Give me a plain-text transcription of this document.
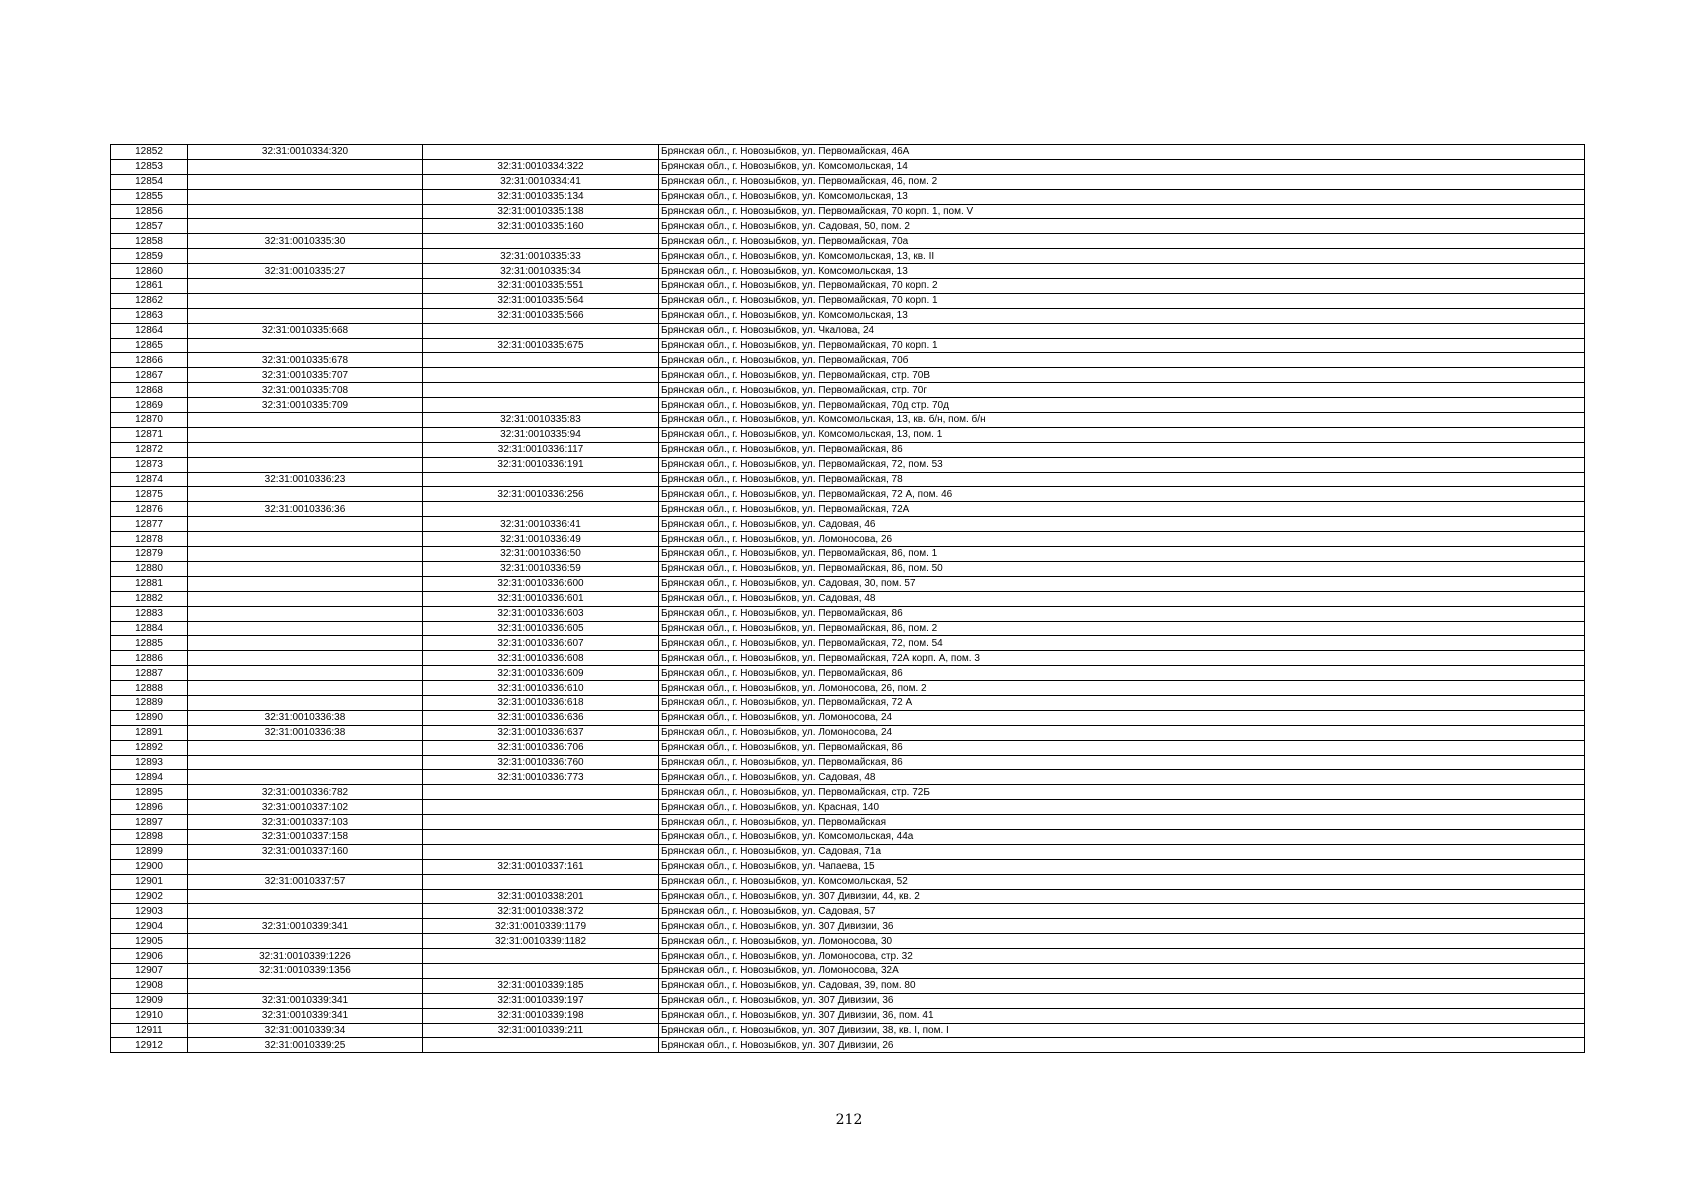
12852	32:31:0010334:320		Брянская обл., г. Новозыбков, ул. Первомайская, 46А
12853		32:31:0010334:322	Брянская обл., г. Новозыбков, ул. Комсомольская, 14
12854		32:31:0010334:41	Брянская обл., г. Новозыбков, ул. Первомайская, 46, пом. 2
12855		32:31:0010335:134	Брянская обл., г. Новозыбков, ул. Комсомольская, 13
12856		32:31:0010335:138	Брянская обл., г. Новозыбков, ул. Первомайская, 70 корп. 1, пом. V
12857		32:31:0010335:160	Брянская обл., г. Новозыбков, ул. Садовая, 50, пом. 2
12858	32:31:0010335:30		Брянская обл., г. Новозыбков, ул. Первомайская, 70а
12859		32:31:0010335:33	Брянская обл., г. Новозыбков, ул. Комсомольская, 13, кв. II
12860	32:31:0010335:27	32:31:0010335:34	Брянская обл., г. Новозыбков, ул. Комсомольская, 13
12861		32:31:0010335:551	Брянская обл., г. Новозыбков, ул. Первомайская, 70 корп. 2
12862		32:31:0010335:564	Брянская обл., г. Новозыбков, ул. Первомайская, 70 корп. 1
12863		32:31:0010335:566	Брянская обл., г. Новозыбков, ул. Комсомольская, 13
12864	32:31:0010335:668		Брянская обл., г. Новозыбков, ул. Чкалова, 24
12865		32:31:0010335:675	Брянская обл., г. Новозыбков, ул. Первомайская, 70 корп. 1
12866	32:31:0010335:678		Брянская обл., г. Новозыбков, ул. Первомайская, 70б
12867	32:31:0010335:707		Брянская обл., г. Новозыбков, ул. Первомайская, стр. 70В
12868	32:31:0010335:708		Брянская обл., г. Новозыбков, ул. Первомайская, стр. 70г
12869	32:31:0010335:709		Брянская обл., г. Новозыбков, ул. Первомайская, 70д стр. 70д
12870		32:31:0010335:83	Брянская обл., г. Новозыбков, ул. Комсомольская, 13, кв. б/н, пом. б/н
12871		32:31:0010335:94	Брянская обл., г. Новозыбков, ул. Комсомольская, 13, пом. 1
12872		32:31:0010336:117	Брянская обл., г. Новозыбков, ул. Первомайская, 86
12873		32:31:0010336:191	Брянская обл., г. Новозыбков, ул. Первомайская, 72, пом. 53
12874	32:31:0010336:23		Брянская обл., г. Новозыбков, ул. Первомайская, 78
12875		32:31:0010336:256	Брянская обл., г. Новозыбков, ул. Первомайская, 72 А, пом. 46
12876	32:31:0010336:36		Брянская обл., г. Новозыбков, ул. Первомайская, 72А
12877		32:31:0010336:41	Брянская обл., г. Новозыбков, ул. Садовая, 46
12878		32:31:0010336:49	Брянская обл., г. Новозыбков, ул. Ломоносова, 26
12879		32:31:0010336:50	Брянская обл., г. Новозыбков, ул. Первомайская, 86, пом. 1
12880		32:31:0010336:59	Брянская обл., г. Новозыбков, ул. Первомайская, 86, пом. 50
12881		32:31:0010336:600	Брянская обл., г. Новозыбков, ул. Садовая, 30, пом. 57
12882		32:31:0010336:601	Брянская обл., г. Новозыбков, ул. Садовая, 48
12883		32:31:0010336:603	Брянская обл., г. Новозыбков, ул. Первомайская, 86
12884		32:31:0010336:605	Брянская обл., г. Новозыбков, ул. Первомайская, 86, пом. 2
12885		32:31:0010336:607	Брянская обл., г. Новозыбков, ул. Первомайская, 72, пом. 54
12886		32:31:0010336:608	Брянская обл., г. Новозыбков, ул. Первомайская, 72А корп. А, пом. 3
12887		32:31:0010336:609	Брянская обл., г. Новозыбков, ул. Первомайская, 86
12888		32:31:0010336:610	Брянская обл., г. Новозыбков, ул. Ломоносова, 26, пом. 2
12889		32:31:0010336:618	Брянская обл., г. Новозыбков, ул. Первомайская, 72 А
12890	32:31:0010336:38	32:31:0010336:636	Брянская обл., г. Новозыбков, ул. Ломоносова, 24
12891	32:31:0010336:38	32:31:0010336:637	Брянская обл., г. Новозыбков, ул. Ломоносова, 24
12892		32:31:0010336:706	Брянская обл., г. Новозыбков, ул. Первомайская, 86
12893		32:31:0010336:760	Брянская обл., г. Новозыбков, ул. Первомайская, 86
12894		32:31:0010336:773	Брянская обл., г. Новозыбков, ул. Садовая, 48
12895	32:31:0010336:782		Брянская обл., г. Новозыбков, ул. Первомайская, стр. 72Б
12896	32:31:0010337:102		Брянская обл., г. Новозыбков, ул. Красная, 140
12897	32:31:0010337:103		Брянская обл., г. Новозыбков, ул. Первомайская
12898	32:31:0010337:158		Брянская обл., г. Новозыбков, ул. Комсомольская, 44а
12899	32:31:0010337:160		Брянская обл., г. Новозыбков, ул. Садовая, 71а
12900		32:31:0010337:161	Брянская обл., г. Новозыбков, ул. Чапаева, 15
12901	32:31:0010337:57		Брянская обл., г. Новозыбков, ул. Комсомольская, 52
12902		32:31:0010338:201	Брянская обл., г. Новозыбков, ул. 307 Дивизии, 44, кв. 2
12903		32:31:0010338:372	Брянская обл., г. Новозыбков, ул. Садовая, 57
12904	32:31:0010339:341	32:31:0010339:1179	Брянская обл., г. Новозыбков, ул. 307 Дивизии, 36
12905		32:31:0010339:1182	Брянская обл., г. Новозыбков, ул. Ломоносова, 30
12906	32:31:0010339:1226		Брянская обл., г. Новозыбков, ул. Ломоносова, стр. 32
12907	32:31:0010339:1356		Брянская обл., г. Новозыбков, ул. Ломоносова, 32А
12908		32:31:0010339:185	Брянская обл., г. Новозыбков, ул. Садовая, 39, пом. 80
12909	32:31:0010339:341	32:31:0010339:197	Брянская обл., г. Новозыбков, ул. 307 Дивизии, 36
12910	32:31:0010339:341	32:31:0010339:198	Брянская обл., г. Новозыбков, ул. 307 Дивизии, 36, пом. 41
12911	32:31:0010339:34	32:31:0010339:211	Брянская обл., г. Новозыбков, ул. 307 Дивизии, 38, кв. I, пом. I
12912	32:31:0010339:25		Брянская обл., г. Новозыбков, ул. 307 Дивизии, 26
212
